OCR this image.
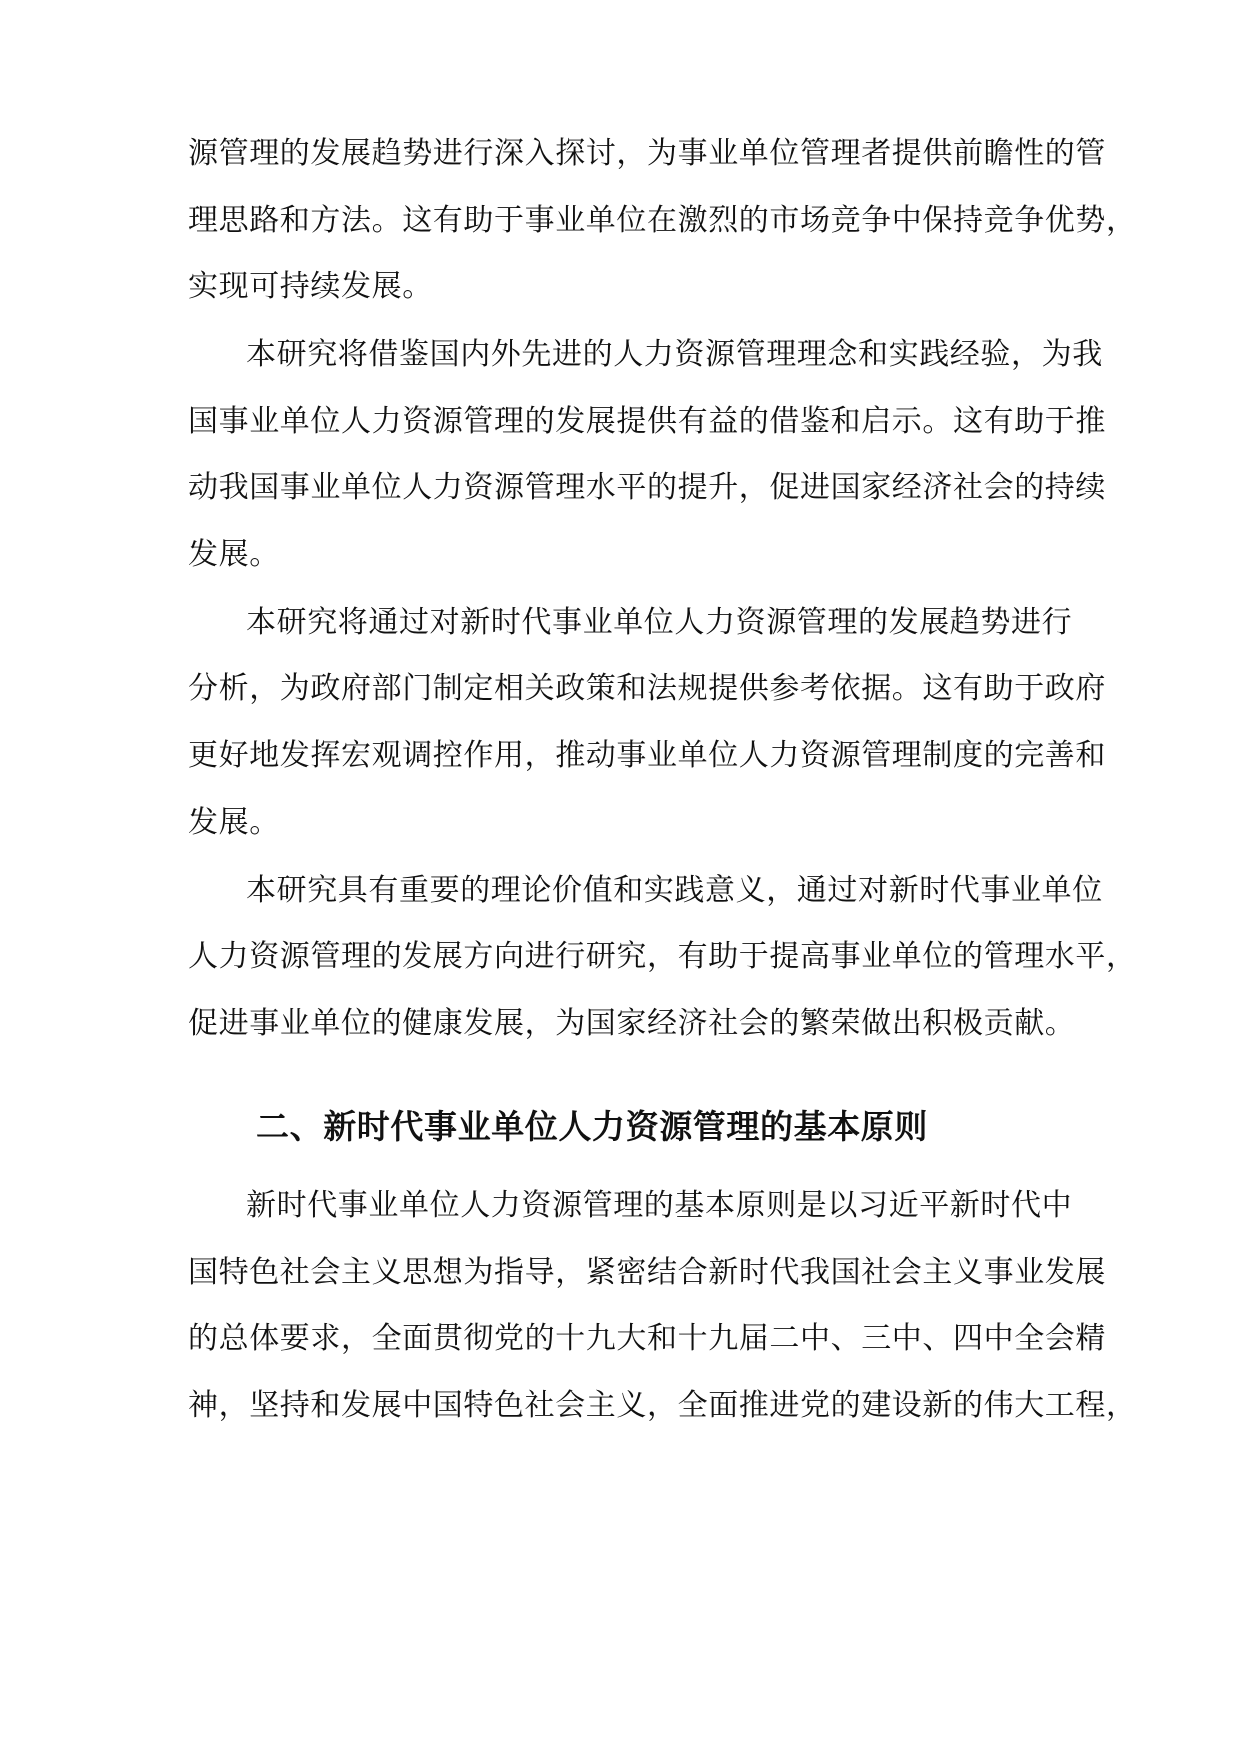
源管理的发展趋势进行深入探讨，为事业单位管理者提供前瞻性的管
理思路和方法。这有助于事业单位在激烈的市场竞争中保持竞争优势，
实现可持续发展。
本研究将借鉴国内外先进的人力资源管理理念和实践经验，为我
国事业单位人力资源管理的发展提供有益的借鉴和启示。这有助于推
动我国事业单位人力资源管理水平的提升，促进国家经济社会的持续
发展。
本研究将通过对新时代事业单位人力资源管理的发展趋势进行
分析，为政府部门制定相关政策和法规提供参考依据。这有助于政府
更好地发挥宏观调控作用，推动事业单位人力资源管理制度的完善和
发展。
本研究具有重要的理论价值和实践意义，通过对新时代事业单位
人力资源管理的发展方向进行研究，有助于提高事业单位的管理水平，
促进事业单位的健康发展，为国家经济社会的繁荣做出积极贡献。
二、新时代事业单位人力资源管理的基本原则
新时代事业单位人力资源管理的基本原则是以习近平新时代中
国特色社会主义思想为指导，紧密结合新时代我国社会主义事业发展
的总体要求，全面贯彻党的十九大和十九届二中、三中、四中全会精
神，坚持和发展中国特色社会主义，全面推进党的建设新的伟大工程，
